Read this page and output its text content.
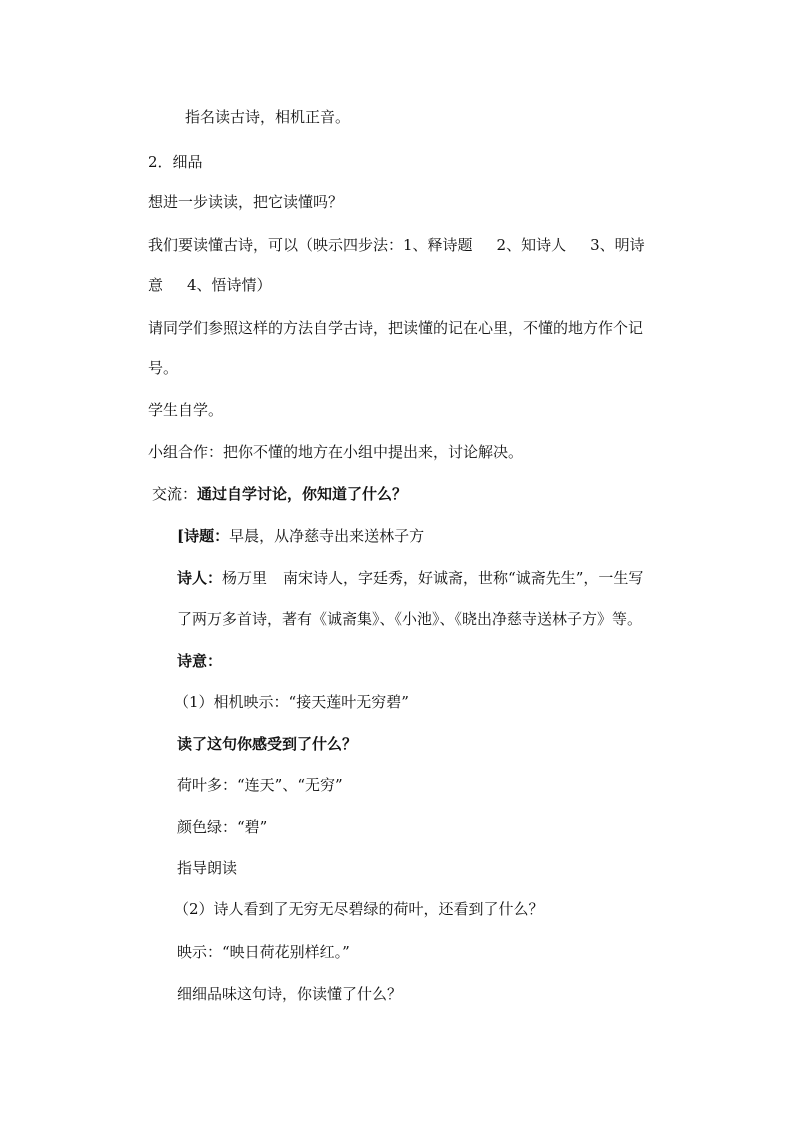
指名读古诗，相机正音。
2．细品
想进一步读读，把它读懂吗？
我们要读懂古诗，可以（映示四步法：1、释诗题 2、知诗人 3、明诗
意 4、悟诗情）
请同学们参照这样的方法自学古诗，把读懂的记在心里，不懂的地方作个记
号。
学生自学。
小组合作：把你不懂的地方在小组中提出来，讨论解决。
交流：通过自学讨论，你知道了什么？
[诗题：早晨，从净慈寺出来送林子方
诗人：杨万里 南宋诗人，字廷秀，好诚斋，世称“诚斋先生”，一生写
了两万多首诗，著有《诚斋集》、《小池》、《晓出净慈寺送林子方》等。
诗意：
（1）相机映示：“接天莲叶无穷碧”
读了这句你感受到了什么？
荷叶多：“连天”、“无穷”
颜色绿：“碧”
指导朗读
（2）诗人看到了无穷无尽碧绿的荷叶，还看到了什么？
映示：“映日荷花别样红。”
细细品味这句诗，你读懂了什么？
